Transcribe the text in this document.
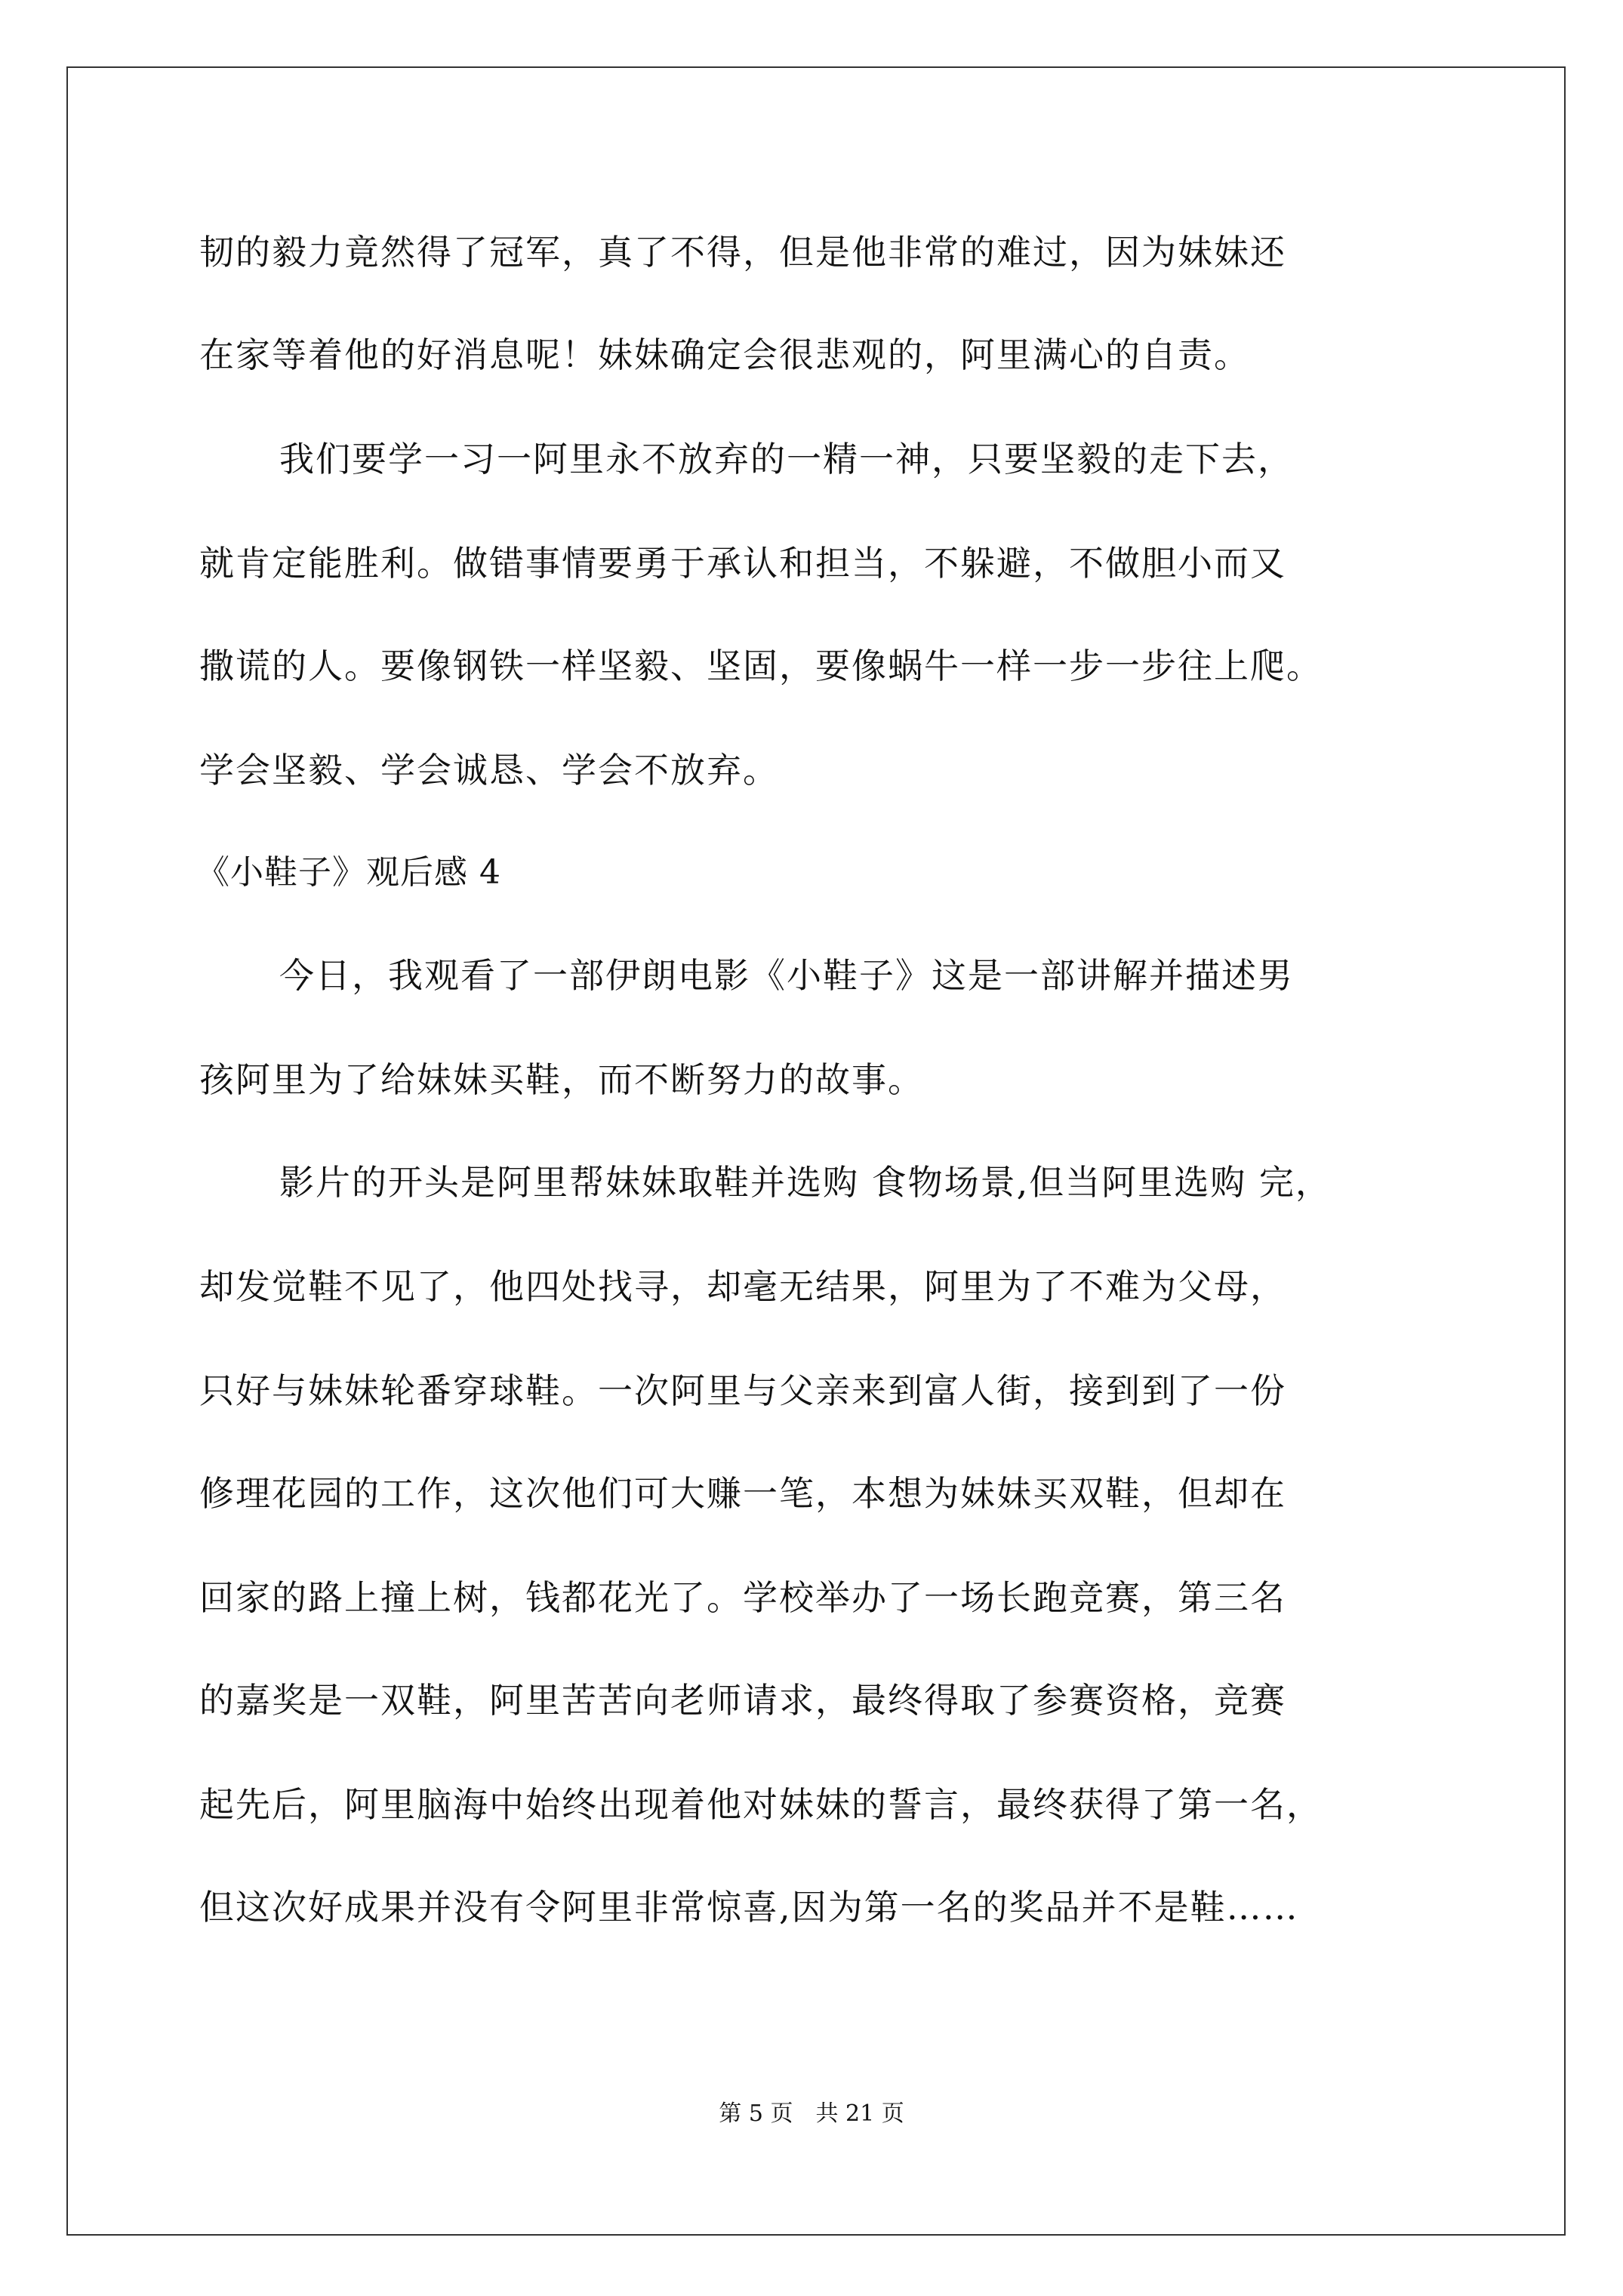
韧的毅力竟然得了冠军，真了不得，但是他非常的难过，因为妹妹还
在家等着他的好消息呢！妹妹确定会很悲观的，阿里满心的自责。
我们要学一习一阿里永不放弃的一精一神，只要坚毅的走下去，
就肯定能胜利。做错事情要勇于承认和担当，不躲避，不做胆小而又
撒谎的人。要像钢铁一样坚毅、坚固，要像蜗牛一样一步一步往上爬。
学会坚毅、学会诚恳、学会不放弃。
《小鞋子》观后感 4
今日，我观看了一部伊朗电影《小鞋子》这是一部讲解并描述男
孩阿里为了给妹妹买鞋，而不断努力的故事。
影片的开头是阿里帮妹妹取鞋并选购 食物场景,但当阿里选购 完，
却发觉鞋不见了，他四处找寻，却毫无结果，阿里为了不难为父母，
只好与妹妹轮番穿球鞋。一次阿里与父亲来到富人街，接到到了一份
修理花园的工作，这次他们可大赚一笔，本想为妹妹买双鞋，但却在
回家的路上撞上树，钱都花光了。学校举办了一场长跑竞赛，第三名
的嘉奖是一双鞋，阿里苦苦向老师请求，最终得取了参赛资格，竞赛
起先后，阿里脑海中始终出现着他对妹妹的誓言，最终获得了第一名，
但这次好成果并没有令阿里非常惊喜,因为第一名的奖品并不是鞋……
第 5 页　共 21 页
